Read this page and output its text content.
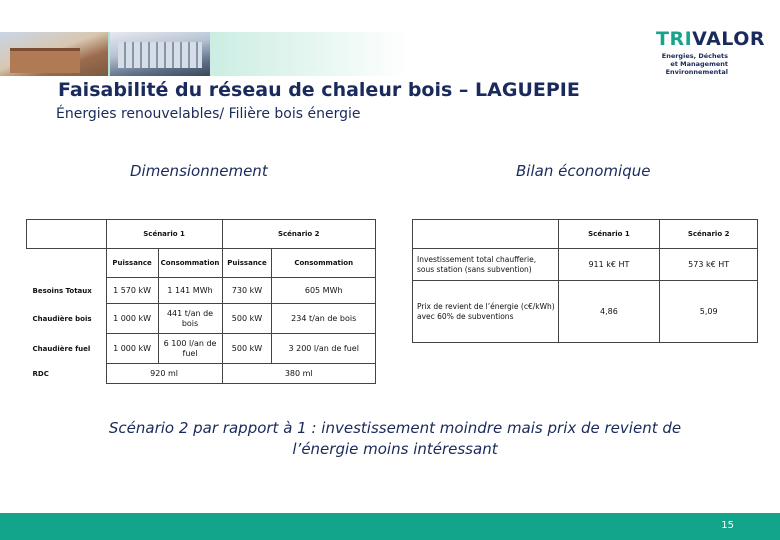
TRIVALOR
Energies, Déchets
et Management
Environnemental
Faisabilité du réseau de chaleur bois – LAGUEPIE
Énergies renouvelables/ Filière bois énergie
Dimensionnement	Bilan économique
	Scénario 1		Scénario 2	
	Puissance	Consommation	Puissance	Consommation
Besoins Totaux	1 570 kW	1 141 MWh	730 kW	605 MWh
Chaudière bois	1 000 kW	441 t/an de bois	500 kW	234 t/an de bois
Chaudière fuel	1 000 kW	6 100 l/an de fuel	500 kW	3 200 l/an de fuel
RDC	920 ml		380 ml	
	Scénario 1	Scénario 2
Investissement total chaufferie, sous station (sans subvention)	911 k€ HT	573 k€ HT
Prix de revient de l’énergie (c€/kWh) avec 60% de subventions	4,86	5,09
Scénario 2 par rapport à 1 : investissement moindre mais prix de revient de
l’énergie moins intéressant
15
